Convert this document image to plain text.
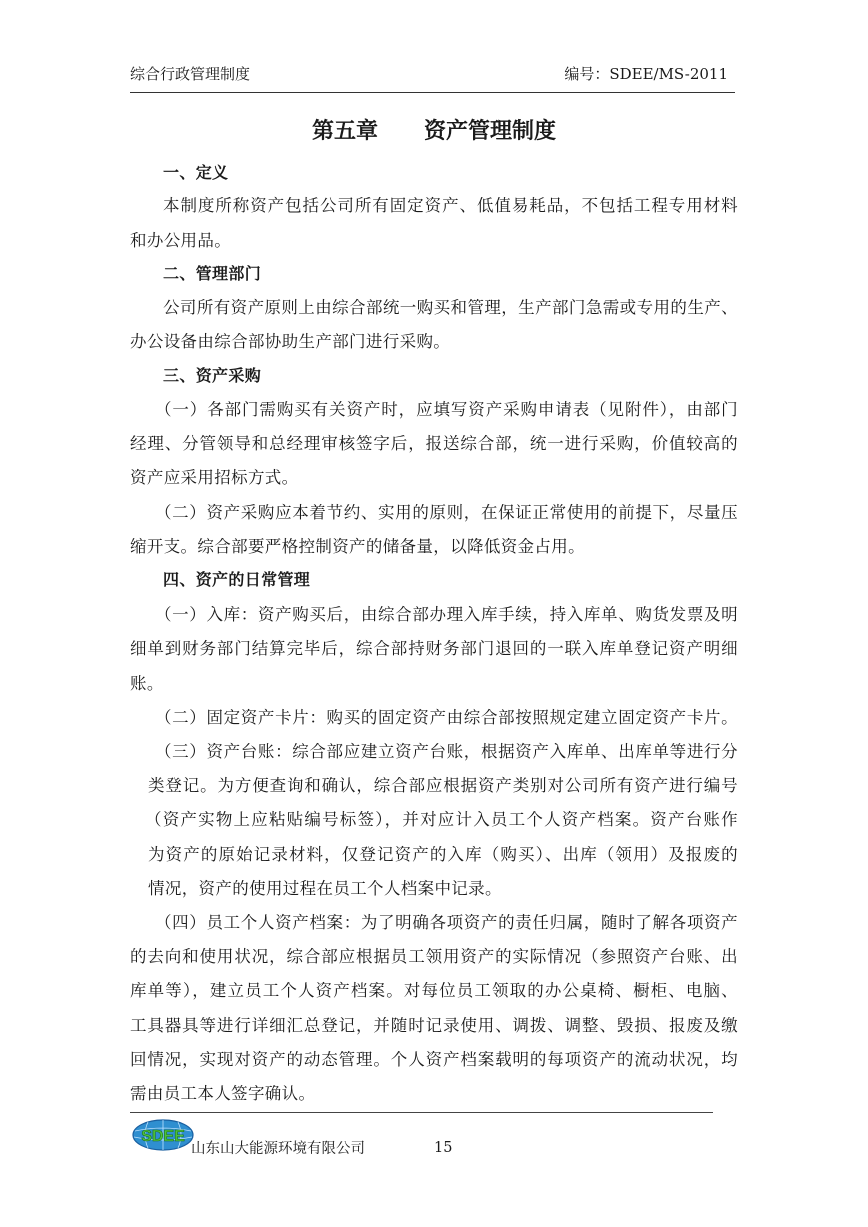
综合行政管理制度	编号：SDEE/MS-2011
第五章      资产管理制度
一、定义
本制度所称资产包括公司所有固定资产、低值易耗品，不包括工程专用材料
和办公用品。
二、管理部门
公司所有资产原则上由综合部统一购买和管理，生产部门急需或专用的生产、
办公设备由综合部协助生产部门进行采购。
三、资产采购
（一）各部门需购买有关资产时，应填写资产采购申请表（见附件），由部门
经理、分管领导和总经理审核签字后，报送综合部，统一进行采购，价值较高的
资产应采用招标方式。
（二）资产采购应本着节约、实用的原则，在保证正常使用的前提下，尽量压
缩开支。综合部要严格控制资产的储备量，以降低资金占用。
四、资产的日常管理
（一）入库：资产购买后，由综合部办理入库手续，持入库单、购货发票及明
细单到财务部门结算完毕后，综合部持财务部门退回的一联入库单登记资产明细
账。
（二）固定资产卡片：购买的固定资产由综合部按照规定建立固定资产卡片。
（三）资产台账：综合部应建立资产台账，根据资产入库单、出库单等进行分
类登记。为方便查询和确认，综合部应根据资产类别对公司所有资产进行编号
（资产实物上应粘贴编号标签），并对应计入员工个人资产档案。资产台账作
为资产的原始记录材料，仅登记资产的入库（购买）、出库（领用）及报废的
情况，资产的使用过程在员工个人档案中记录。
（四）员工个人资产档案：为了明确各项资产的责任归属，随时了解各项资产
的去向和使用状况，综合部应根据员工领用资产的实际情况（参照资产台账、出
库单等），建立员工个人资产档案。对每位员工领取的办公桌椅、橱柜、电脑、
工具器具等进行详细汇总登记，并随时记录使用、调拨、调整、毁损、报废及缴
回情况，实现对资产的动态管理。个人资产档案载明的每项资产的流动状况，均
需由员工本人签字确认。
SDEE
山东山大能源环境有限公司	15
